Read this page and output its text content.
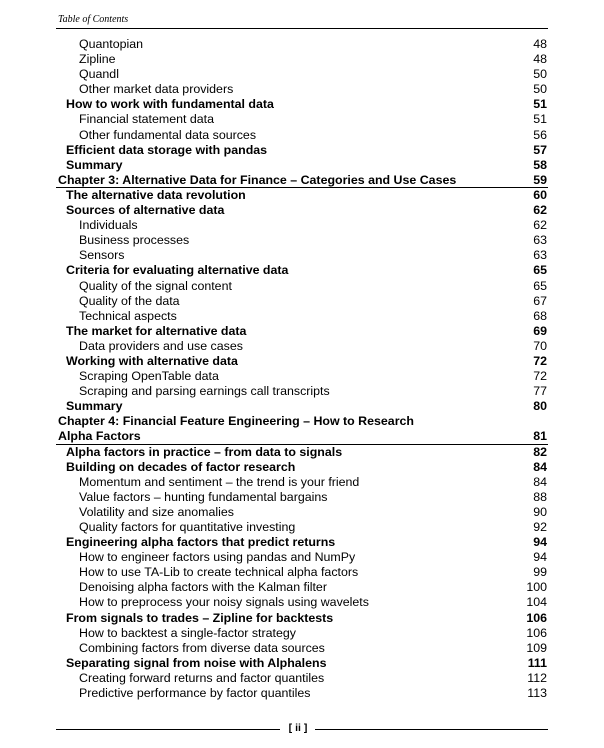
Table of Contents
Quantopian	48
Zipline	48
Quandl	50
Other market data providers	50
How to work with fundamental data	51
Financial statement data	51
Other fundamental data sources	56
Efficient data storage with pandas	57
Summary	58
Chapter 3: Alternative Data for Finance – Categories and Use Cases	59
The alternative data revolution	60
Sources of alternative data	62
Individuals	62
Business processes	63
Sensors	63
Criteria for evaluating alternative data	65
Quality of the signal content	65
Quality of the data	67
Technical aspects	68
The market for alternative data	69
Data providers and use cases	70
Working with alternative data	72
Scraping OpenTable data	72
Scraping and parsing earnings call transcripts	77
Summary	80
Chapter 4: Financial Feature Engineering – How to Research
Alpha Factors	81
Alpha factors in practice – from data to signals	82
Building on decades of factor research	84
Momentum and sentiment – the trend is your friend	84
Value factors – hunting fundamental bargains	88
Volatility and size anomalies	90
Quality factors for quantitative investing	92
Engineering alpha factors that predict returns	94
How to engineer factors using pandas and NumPy	94
How to use TA-Lib to create technical alpha factors	99
Denoising alpha factors with the Kalman filter	100
How to preprocess your noisy signals using wavelets	104
From signals to trades – Zipline for backtests	106
How to backtest a single-factor strategy	106
Combining factors from diverse data sources	109
Separating signal from noise with Alphalens	111
Creating forward returns and factor quantiles	112
Predictive performance by factor quantiles	113
[ ii ]
